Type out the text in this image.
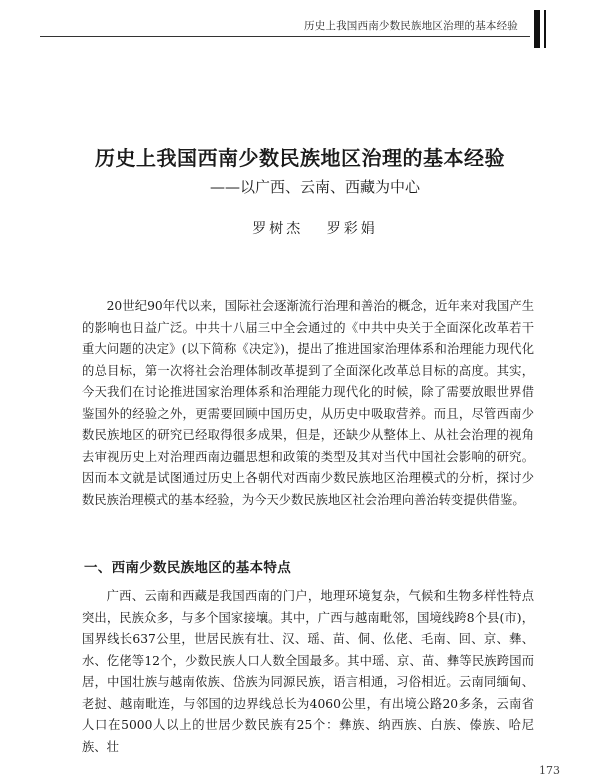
历史上我国西南少数民族地区治理的基本经验
历史上我国西南少数民族地区治理的基本经验
——以广西、云南、西藏为中心
罗树杰 罗彩娟

20世纪90年代以来，国际社会逐渐流行治理和善治的概念，近年来对我国产生的影响也日益广泛。中共十八届三中全会通过的《中共中央关于全面深化改革若干重大问题的决定》(以下简称《决定》)，提出了推进国家治理体系和治理能力现代化的总目标，第一次将社会治理体制改革提到了全面深化改革总目标的高度。其实，今天我们在讨论推进国家治理体系和治理能力现代化的时候，除了需要放眼世界借鉴国外的经验之外，更需要回顾中国历史，从历史中吸取营养。而且，尽管西南少数民族地区的研究已经取得很多成果，但是，还缺少从整体上、从社会治理的视角去审视历史上对治理西南边疆思想和政策的类型及其对当代中国社会影响的研究。因而本文就是试图通过历史上各朝代对西南少数民族地区治理模式的分析，探讨少数民族治理模式的基本经验，为今天少数民族地区社会治理向善治转变提供借鉴。

一、西南少数民族地区的基本特点

广西、云南和西藏是我国西南的门户，地理环境复杂，气候和生物多样性特点突出，民族众多，与多个国家接壤。其中，广西与越南毗邻，国境线跨8个县(市)，国界线长637公里，世居民族有壮、汉、瑶、苗、侗、仫佬、毛南、回、京、彝、水、仡佬等12个，少数民族人口人数全国最多。其中瑶、京、苗、彝等民族跨国而居，中国壮族与越南侬族、岱族为同源民族，语言相通，习俗相近。云南同缅甸、老挝、越南毗连，与邻国的边界线总长为4060公里，有出境公路20多条，云南省人口在5000人以上的世居少数民族有25个：彝族、纳西族、白族、傣族、哈尼族、壮

173
